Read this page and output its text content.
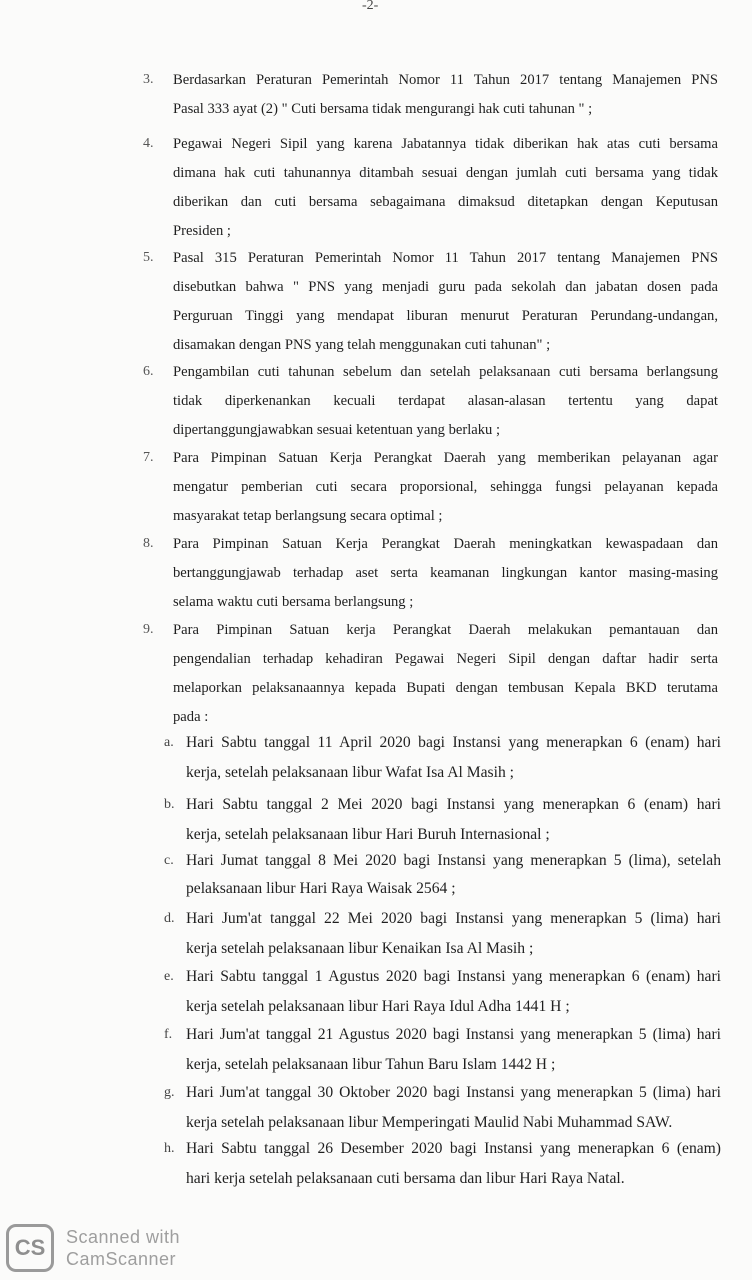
-2-
3. Berdasarkan Peraturan Pemerintah Nomor 11 Tahun 2017 tentang Manajemen PNS
Pasal 333 ayat (2) " Cuti bersama tidak mengurangi hak cuti tahunan " ;
4. Pegawai Negeri Sipil yang karena Jabatannya tidak diberikan hak atas cuti bersama
dimana hak cuti tahunannya ditambah sesuai dengan jumlah cuti bersama yang tidak
diberikan dan cuti bersama sebagaimana dimaksud ditetapkan dengan Keputusan
Presiden ;
5. Pasal 315 Peraturan Pemerintah Nomor 11 Tahun 2017 tentang Manajemen PNS
disebutkan bahwa " PNS yang menjadi guru pada sekolah dan jabatan dosen pada
Perguruan Tinggi yang mendapat liburan menurut Peraturan Perundang-undangan,
disamakan dengan PNS yang telah menggunakan cuti tahunan" ;
6. Pengambilan cuti tahunan sebelum dan setelah pelaksanaan cuti bersama berlangsung
tidak diperkenankan kecuali terdapat alasan-alasan tertentu yang dapat
dipertanggungjawabkan sesuai ketentuan yang berlaku ;
7. Para Pimpinan Satuan Kerja Perangkat Daerah yang memberikan pelayanan agar
mengatur pemberian cuti secara proporsional, sehingga fungsi pelayanan kepada
masyarakat tetap berlangsung secara optimal ;
8. Para Pimpinan Satuan Kerja Perangkat Daerah meningkatkan kewaspadaan dan
bertanggungjawab terhadap aset serta keamanan lingkungan kantor masing-masing
selama waktu cuti bersama berlangsung ;
9. Para Pimpinan Satuan kerja Perangkat Daerah melakukan pemantauan dan
pengendalian terhadap kehadiran Pegawai Negeri Sipil dengan daftar hadir serta
melaporkan pelaksanaannya kepada Bupati dengan tembusan Kepala BKD terutama
pada :
a. Hari Sabtu tanggal 11 April 2020 bagi Instansi yang menerapkan 6 (enam) hari
kerja, setelah pelaksanaan libur Wafat Isa Al Masih ;
b. Hari Sabtu tanggal 2 Mei 2020 bagi Instansi yang menerapkan 6 (enam) hari
kerja, setelah pelaksanaan libur Hari Buruh Internasional ;
c. Hari Jumat tanggal 8 Mei 2020 bagi Instansi yang menerapkan 5 (lima), setelah
pelaksanaan libur Hari Raya Waisak 2564 ;
d. Hari Jum'at tanggal 22 Mei 2020 bagi Instansi yang menerapkan 5 (lima) hari
kerja setelah pelaksanaan libur Kenaikan Isa Al Masih ;
e. Hari Sabtu tanggal 1 Agustus 2020 bagi Instansi yang menerapkan 6 (enam) hari
kerja setelah pelaksanaan libur Hari Raya Idul Adha 1441 H ;
f. Hari Jum'at tanggal 21 Agustus 2020 bagi Instansi yang menerapkan 5 (lima) hari
kerja, setelah pelaksanaan libur Tahun Baru Islam 1442 H ;
g. Hari Jum'at tanggal 30 Oktober 2020 bagi Instansi yang menerapkan 5 (lima) hari
kerja setelah pelaksanaan libur Memperingati Maulid Nabi Muhammad SAW.
h. Hari Sabtu tanggal 26 Desember 2020 bagi Instansi yang menerapkan 6 (enam)
hari kerja setelah pelaksanaan cuti bersama dan libur Hari Raya Natal.
CS	Scanned with
CamScanner
